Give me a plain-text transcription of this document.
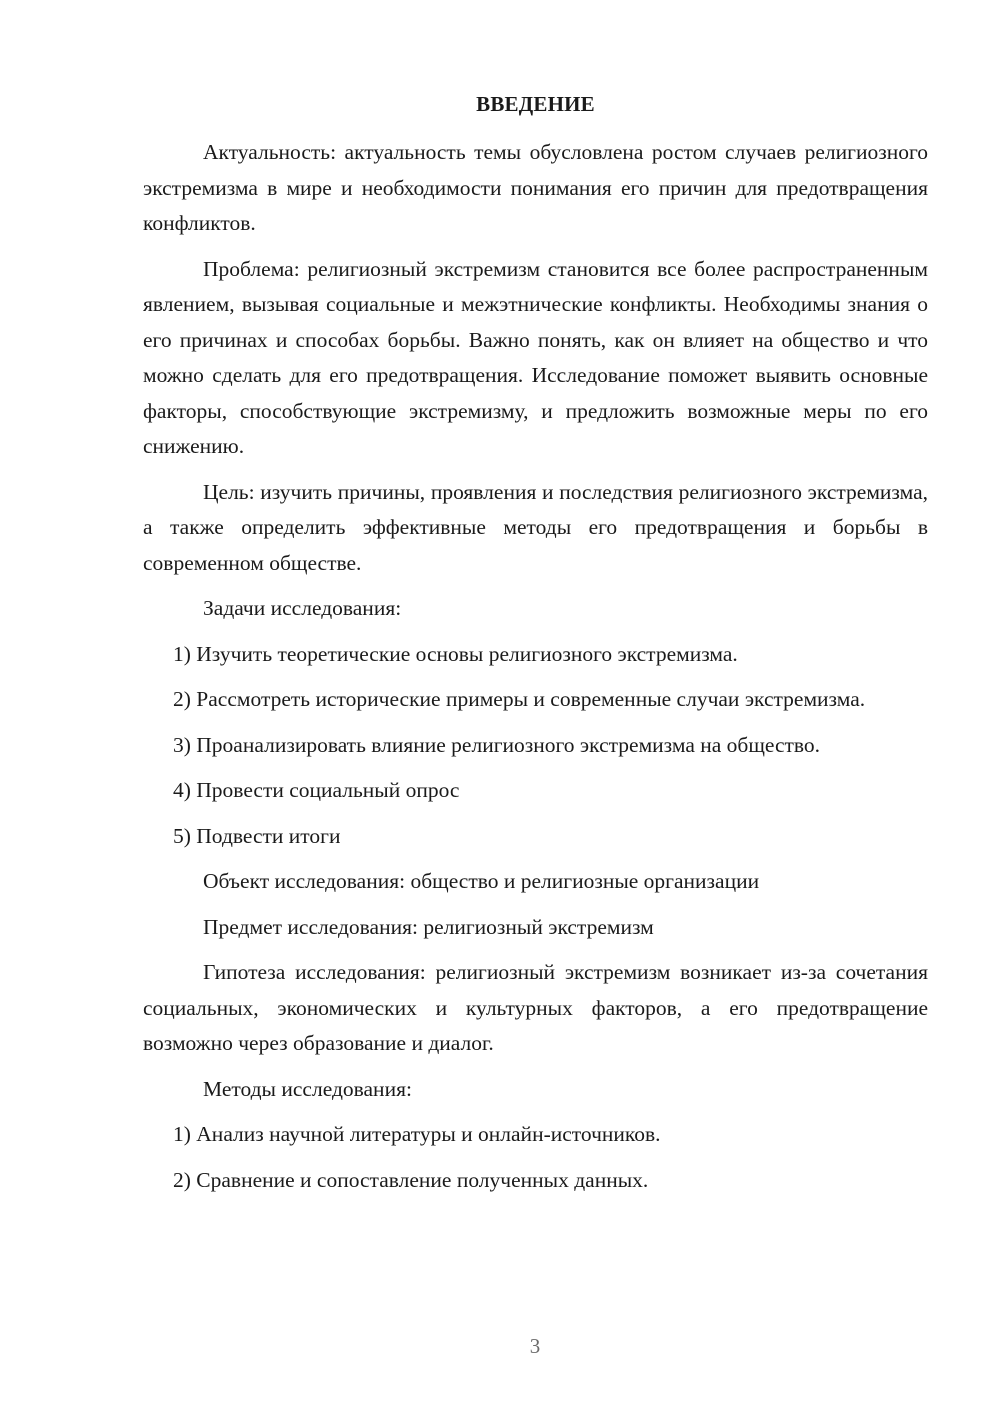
ВВЕДЕНИЕ

Актуальность: актуальность темы обусловлена ростом случаев религиозного экстремизма в мире и необходимости понимания его причин для предотвращения конфликтов.

Проблема: религиозный экстремизм становится все более распространенным явлением, вызывая социальные и межэтнические конфликты. Необходимы знания о его причинах и способах борьбы. Важно понять, как он влияет на общество и что можно сделать для его предотвращения. Исследование поможет выявить основные факторы, способствующие экстремизму, и предложить возможные меры по его снижению.

Цель: изучить причины, проявления и последствия религиозного экстремизма, а также определить эффективные методы его предотвращения и борьбы в современном обществе.

Задачи исследования:

1) Изучить теоретические основы религиозного экстремизма.

2) Рассмотреть исторические примеры и современные случаи экстремизма.

3) Проанализировать влияние религиозного экстремизма на общество.

4) Провести социальный опрос

5) Подвести итоги

Объект исследования: общество и религиозные организации

Предмет исследования: религиозный экстремизм

Гипотеза исследования: религиозный экстремизм возникает из-за сочетания социальных, экономических и культурных факторов, а его предотвращение возможно через образование и диалог.

Методы исследования:

1) Анализ научной литературы и онлайн-источников.

2) Сравнение и сопоставление полученных данных.

3
